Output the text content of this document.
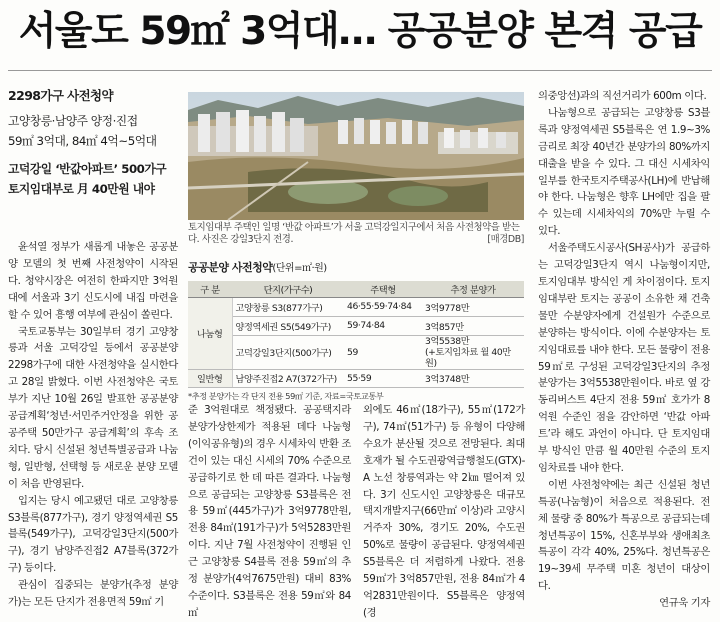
서울도 59㎡ 3억대… 공공분양 본격 공급
2298가구 사전청약
고양창릉·남양주 양정·진접
59㎡ 3억대, 84㎡ 4억~5억대
고덕강일 ‘반값아파트’ 500가구
토지임대부로 月 40만원 내야

윤석열 정부가 새롭게 내놓은 공공분양 모델의 첫 번째 사전청약이 시작된다. 청약시장은 여전히 한파지만 3억원대에 서울과 3기 신도시에 내집 마련을 할 수 있어 흥행 여부에 관심이 쏠린다.

국토교통부는 30일부터 경기 고양창릉과 서울 고덕강일 등에서 공공분양 2298가구에 대한 사전청약을 실시한다고 28일 밝혔다. 이번 사전청약은 국토부가 지난 10월 26일 발표한 공공분양공급계획‘청년·서민주거안정을 위한 공공주택 50만가구 공급계획’의 후속 조치다. 당시 신설된 청년특별공급과 나눔형, 일반형, 선택형 등 새로운 분양 모델이 처음 반영된다.

입지는 당시 예고됐던 대로 고양창릉 S3블록(877가구), 경기 양정역세권 S5블록(549가구), 고덕강일3단지(500가구), 경기 남양주진접2 A7블록(372가구) 등이다.

관심이 집중되는 분양가(추정 분양가)는 모든 단지가 전용면적 59㎡ 기

토지임대부 주택인 일명 ‘반값 아파트’가 서울 고덕강일지구에서 처음 사전청약을 받는다. 사진은 강일3단지 전경.	[매경DB]
공공분양 사전청약(단위=㎡·원)
구 분	단지(가구수)	주택형	추정 분양가
나눔형	고양창릉 S3(877가구)	46·55·59·74·84	3억9778만
	양정역세권 S5(549가구)	59·74·84	3억857만
	고덕강일3단지(500가구)	59	3억5538만
(+토지임차료 월 40만원)
일반형	남양주진접2 A7(372가구)	55·59	3억3748만
*추정 분양가는 각 단지 전용 59㎡ 기준, 자료=국토교통부

준 3억원대로 책정됐다. 공공택지라 분양가상한제가 적용된 데다 나눔형(이익공유형)의 경우 시세차익 반환 조건이 있는 대신 시세의 70% 수준으로 공급하기로 한 데 따른 결과다. 나눔형으로 공급되는 고양창릉 S3블록은 전용 59㎡(445가구)가 3억9778만원, 전용 84㎡(191가구)가 5억5283만원이다. 지난 7월 사전청약이 진행된 인근 고양창릉 S4블록 전용 59㎡의 추정 분양가(4억7675만원) 대비 83% 수준이다. S3블록은 전용 59㎡와 84㎡

외에도 46㎡(18가구), 55㎡(172가구), 74㎡(51가구) 등 유형이 다양해 수요가 분산될 것으로 전망된다. 최대 호재가 될 수도권광역급행철도(GTX)-A 노선 창릉역과는 약 2㎞ 떨어져 있다. 3기 신도시인 고양창릉은 대규모 택지개발지구(66만㎡ 이상)라 고양시 거주자 30%, 경기도 20%, 수도권 50%로 물량이 공급된다. 양정역세권 S5블록은 더 저렴하게 나왔다. 전용 59㎡가 3억857만원, 전용 84㎡가 4억2831만원이다. S5블록은 양정역(경

의중앙선)과의 직선거리가 600m 이다.

나눔형으로 공급되는 고양창릉 S3블록과 양정역세권 S5블록은 연 1.9~3% 금리로 최장 40년간 분양가의 80%까지 대출을 받을 수 있다. 그 대신 시세차익 일부를 한국토지주택공사(LH)에 반납해야 한다. 나눔형은 향후 LH에만 집을 팔 수 있는데 시세차익의 70%만 누릴 수 있다.

서울주택도시공사(SH공사)가 공급하는 고덕강일3단지 역시 나눔형이지만, 토지임대부 방식인 게 차이점이다. 토지임대부란 토지는 공공이 소유한 채 건축물만 수분양자에게 건설원가 수준으로 분양하는 방식이다. 이에 수분양자는 토지임대료를 내야 한다. 모든 물량이 전용 59㎡로 구성된 고덕강일3단지의 추정 분양가는 3억5538만원이다. 바로 옆 강동리버스트 4단지 전용 59㎡ 호가가 8억원 수준인 점을 감안하면 ‘반값 아파트’라 해도 과언이 아니다. 단 토지임대부 방식인 만큼 월 40만원 수준의 토지임차료를 내야 한다.

이번 사전청약에는 최근 신설된 청년특공(나눔형)이 처음으로 적용된다. 전체 물량 중 80%가 특공으로 공급되는데 청년특공이 15%, 신혼부부와 생애최초 특공이 각각 40%, 25%다. 청년특공은 19~39세 무주택 미혼 청년이 대상이다.

연규욱 기자
